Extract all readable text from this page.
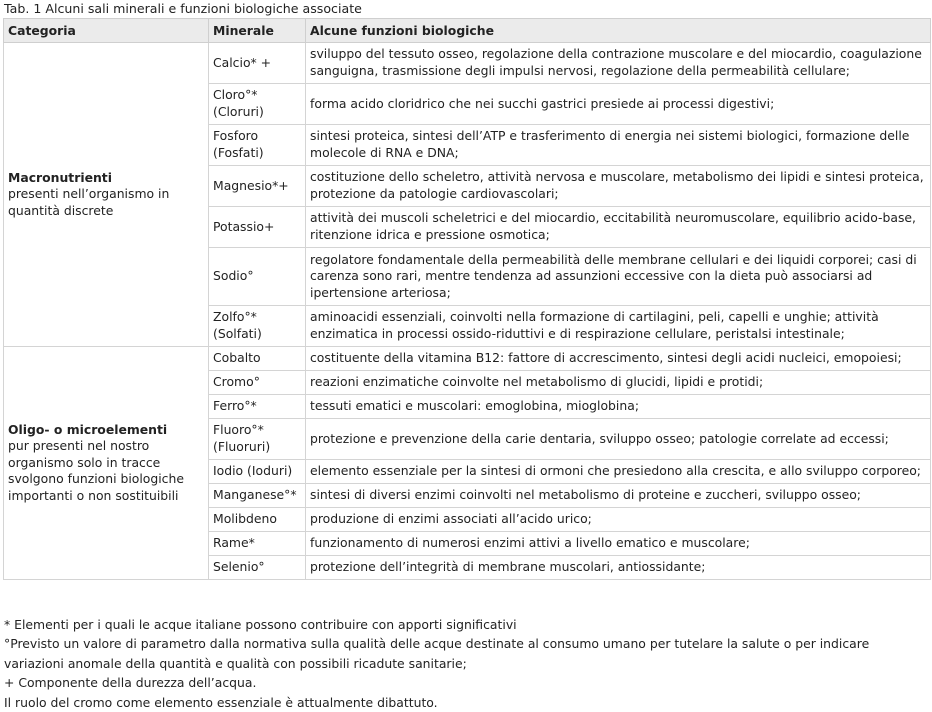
Tab. 1 Alcuni sali minerali e funzioni biologiche associate
Categoria	Minerale	Alcune funzioni biologiche

Macronutrienti
presenti nell’organismo in quantità discrete	Calcio* +	sviluppo del tessuto osseo, regolazione della contrazione muscolare e del miocardio, coagulazione sanguigna, trasmissione degli impulsi nervosi, regolazione della permeabilità cellulare;
	Cloro°* (Cloruri)	forma acido cloridrico che nei succhi gastrici presiede ai processi digestivi;
	Fosforo (Fosfati)	sintesi proteica, sintesi dell’ATP e trasferimento di energia nei sistemi biologici, formazione delle molecole di RNA e DNA;
	Magnesio*+	costituzione dello scheletro, attività nervosa e muscolare, metabolismo dei lipidi e sintesi proteica, protezione da patologie cardiovascolari;
	Potassio+	attività dei muscoli scheletrici e del miocardio, eccitabilità neuromuscolare, equilibrio acido-base, ritenzione idrica e pressione osmotica;
	Sodio°	regolatore fondamentale della permeabilità delle membrane cellulari e dei liquidi corporei; casi di carenza sono rari, mentre tendenza ad assunzioni eccessive con la dieta può associarsi ad ipertensione arteriosa;
	Zolfo°* (Solfati)	aminoacidi essenziali, coinvolti nella formazione di cartilagini, peli, capelli e unghie; attività enzimatica in processi ossido-riduttivi e di respirazione cellulare, peristalsi intestinale;

Oligo- o microelementi
pur presenti nel nostro organismo solo in tracce svolgono funzioni biologiche importanti o non sostituibili	Cobalto	costituente della vitamina B12: fattore di accrescimento, sintesi degli acidi nucleici, emopoiesi;
	Cromo°	reazioni enzimatiche coinvolte nel metabolismo di glucidi, lipidi e protidi;
	Ferro°*	tessuti ematici e muscolari: emoglobina, mioglobina;
	Fluoro°* (Fluoruri)	protezione e prevenzione della carie dentaria, sviluppo osseo; patologie correlate ad eccessi;
	Iodio (Ioduri)	elemento essenziale per la sintesi di ormoni che presiedono alla crescita, e allo sviluppo corporeo;
	Manganese°*	sintesi di diversi enzimi coinvolti nel metabolismo di proteine e zuccheri, sviluppo osseo;
	Molibdeno	produzione di enzimi associati all’acido urico;
	Rame*	funzionamento di numerosi enzimi attivi a livello ematico e muscolare;
	Selenio°	protezione dell’integrità di membrane muscolari, antiossidante;

* Elementi per i quali le acque italiane possono contribuire con apporti significativi

°Previsto un valore di parametro dalla normativa sulla qualità delle acque destinate al consumo umano per tutelare la salute o per indicare variazioni anomale della quantità e qualità con possibili ricadute sanitarie;

+ Componente della durezza dell’acqua.

Il ruolo del cromo come elemento essenziale è attualmente dibattuto.
